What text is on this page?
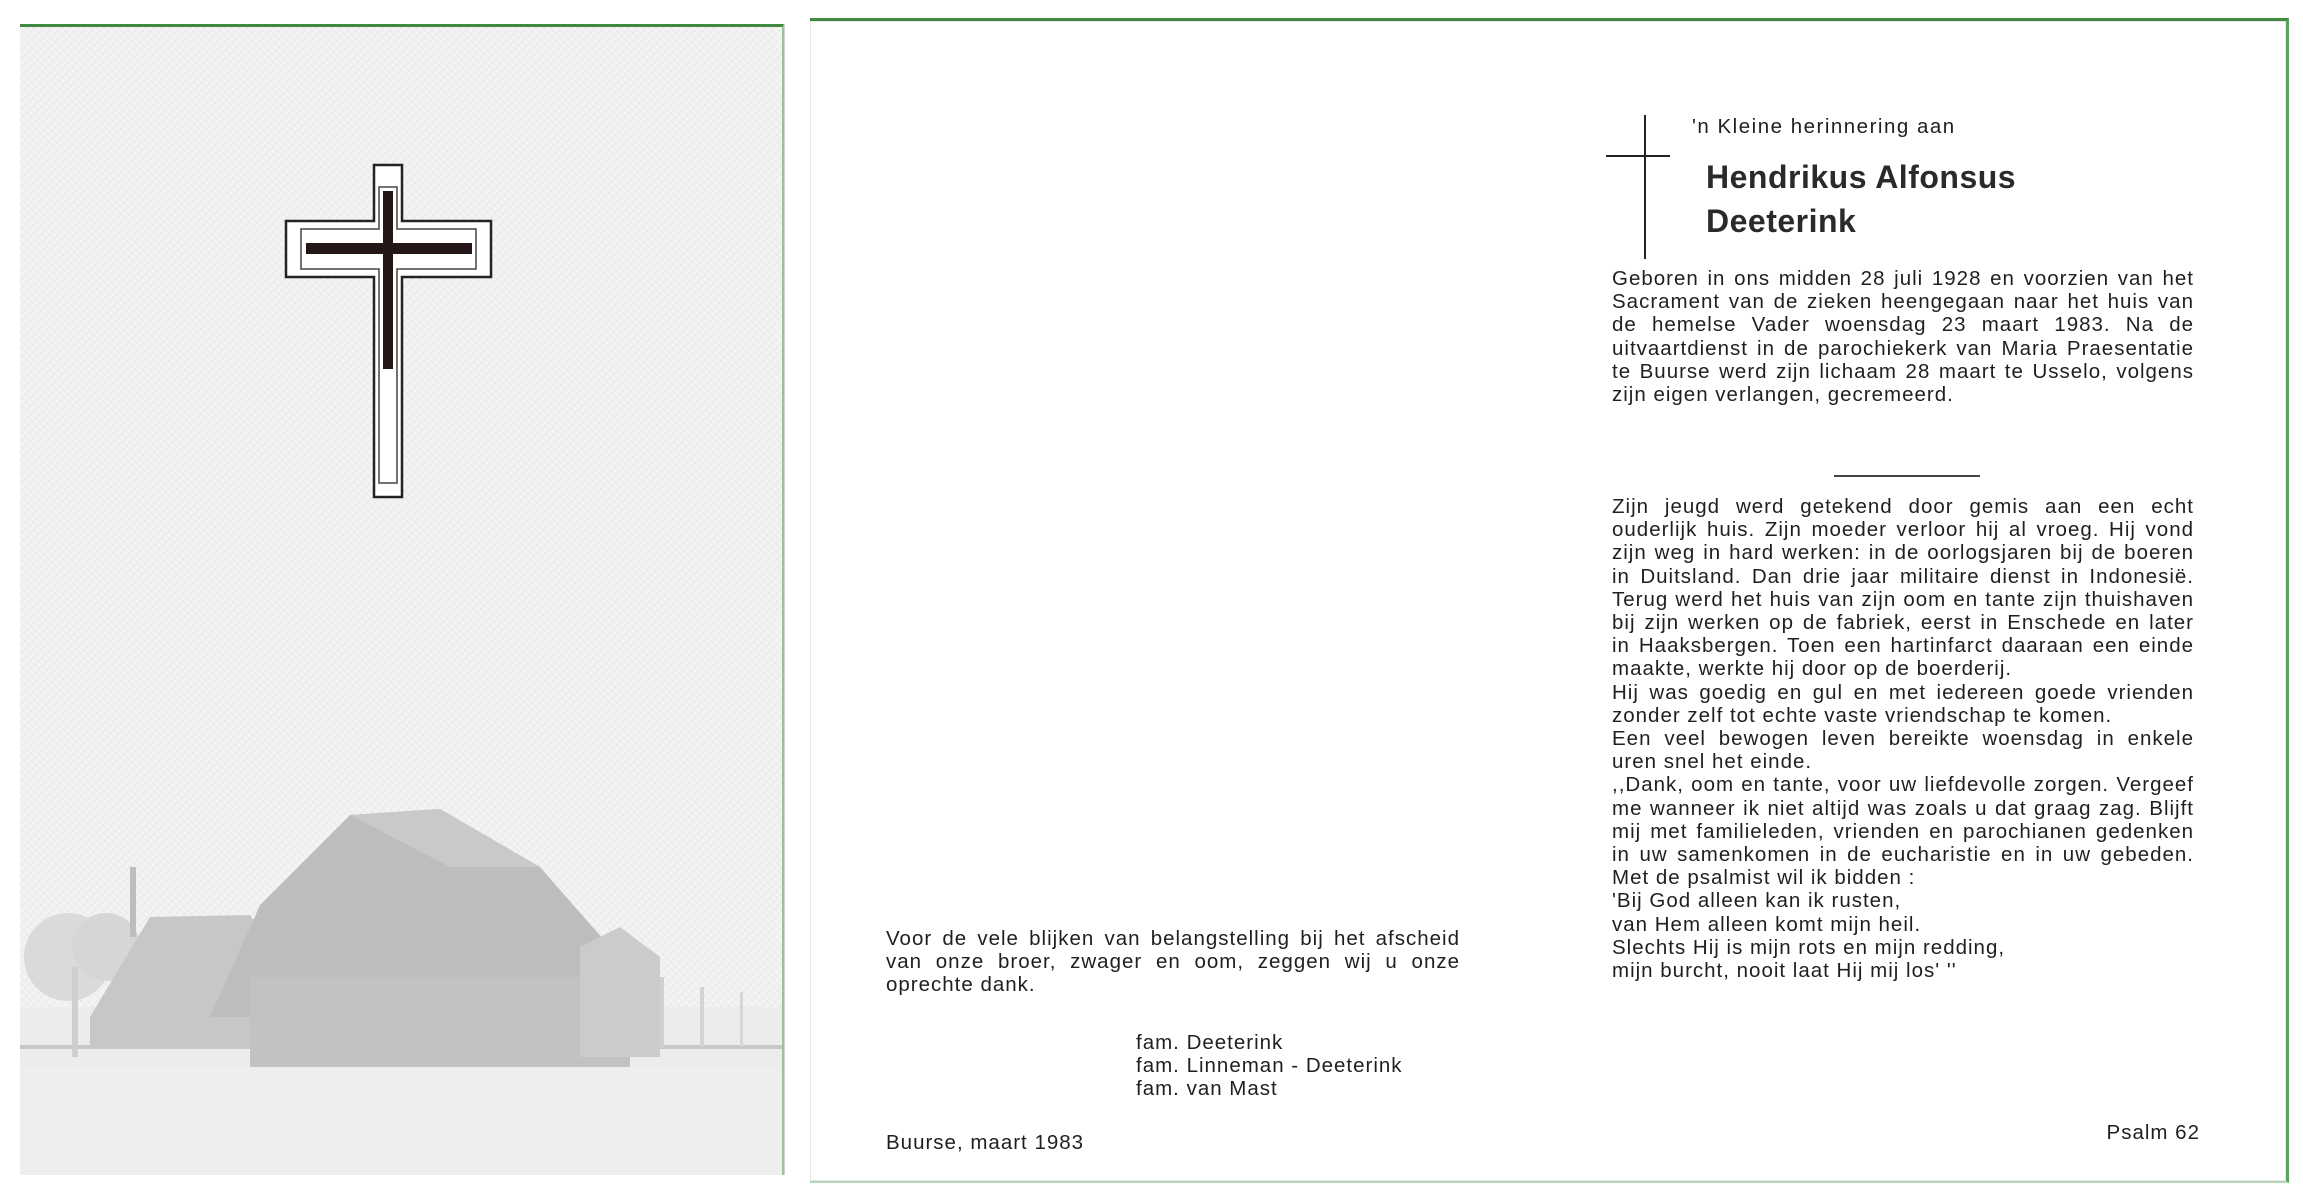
Voor de vele blijken van belangstelling bij het afscheid van onze broer, zwager en oom, zeggen wij u onze oprechte dank.

fam. Deeterink
fam. Linneman - Deeterink
fam. van Mast
Buurse, maart 1983
'n Kleine herinnering aan
Hendrikus Alfonsus
Deeterink

Geboren in ons midden 28 juli 1928 en voorzien van het Sacrament van de zieken heengegaan naar het huis van de hemelse Vader woensdag 23 maart 1983. Na de uitvaartdienst in de parochiekerk van Maria Praesentatie te Buurse werd zijn lichaam 28 maart te Usselo, volgens zijn eigen verlangen, gecremeerd.

Zijn jeugd werd getekend door gemis aan een echt ouderlijk huis. Zijn moeder verloor hij al vroeg. Hij vond zijn weg in hard werken: in de oorlogsjaren bij de boeren in Duitsland. Dan drie jaar militaire dienst in Indonesië. Terug werd het huis van zijn oom en tante zijn thuishaven bij zijn werken op de fabriek, eerst in Enschede en later in Haaksbergen. Toen een hartinfarct daaraan een einde maakte, werkte hij door op de boerderij.
Hij was goedig en gul en met iedereen goede vrienden zonder zelf tot echte vaste vriendschap te komen.
Een veel bewogen leven bereikte woensdag in enkele uren snel het einde.
,,Dank, oom en tante, voor uw liefdevolle zorgen. Vergeef me wanneer ik niet altijd was zoals u dat graag zag. Blijft mij met familieleden, vrienden en parochianen gedenken in uw samenkomen in de eucharistie en in uw gebeden. Met de psalmist wil ik bidden :
'Bij God alleen kan ik rusten,
van Hem alleen komt mijn heil.
Slechts Hij is mijn rots en mijn redding,
mijn burcht, nooit laat Hij mij los' ''

Psalm 62
